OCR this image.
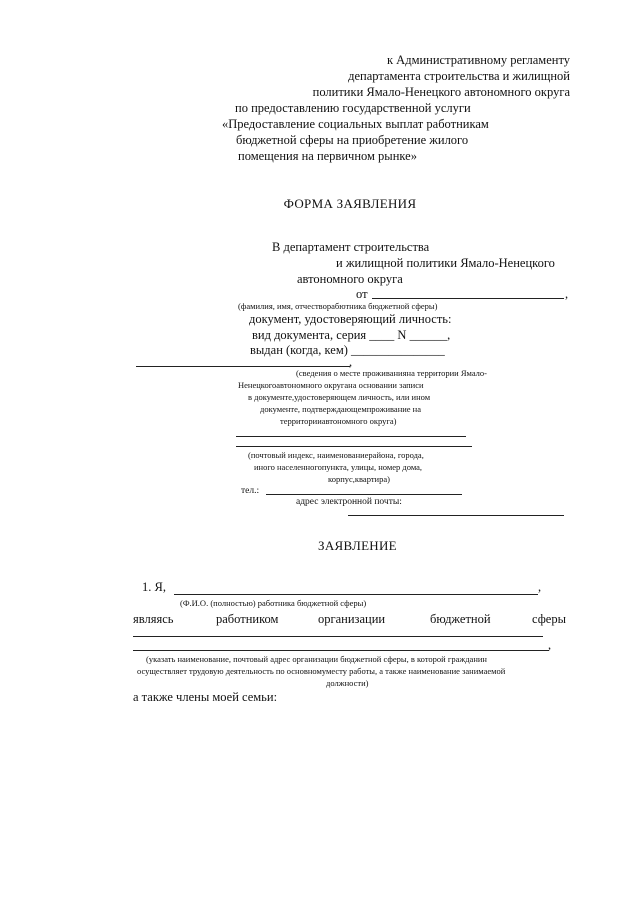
к Административному регламенту
департамента строительства и жилищной
политики Ямало-Ненецкого автономного округа
по предоставлению государственной услуги
«Предоставление социальных выплат работникам
бюджетной сферы на приобретение жилого
помещения на первичном рынке»
ФОРМА ЗАЯВЛЕНИЯ
В департамент строительства
и жилищной политики Ямало-Ненецкого
автономного округа
от	,
(фамилия, имя, отчестворабютника бюджетной сферы)
документ, удостоверяющий личность:
вид документа, серия ____ N ______,
выдан (когда, кем) _______________
,
(сведения о месте проживанияна территории Ямало-
Ненецкогоавтономного округана основании записи
в документе,удостоверяющем личность, или ином
документе, подтверждающемпроживание на
территорииавтономного округа)
(почтовый индекс, наименованиерайона, города,
иного населенногопункта, улицы, номер дома,
корпус,квартира)
тел.:
адрес электронной почты:
ЗАЯВЛЕНИЕ
1. Я,	,
(Ф.И.О. (полностью) работника бюджетной сферы)
являясь	работником	организации	бюджетной	сферы
,
(указать наименование, почтовый адрес организации бюджетной сферы, в которой гражданин
осуществляет трудовую деятельность по основномуместу работы, а также наименование занимаемой
должности)
а также члены моей семьи:
